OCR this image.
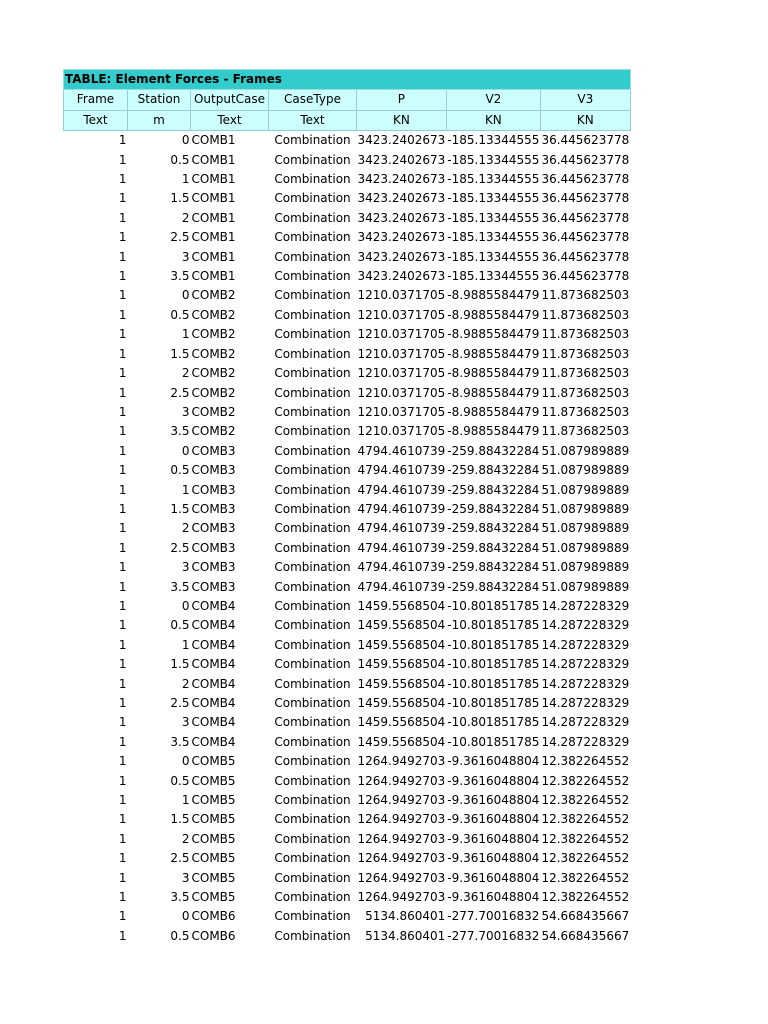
TABLE: Element Forces - Frames						
Frame	Station	OutputCase	CaseType	P	V2	V3
Text	m	Text	Text	KN	KN	KN
1	0	COMB1	Combination	3423.2402673	-185.13344555	36.445623778
1	0.5	COMB1	Combination	3423.2402673	-185.13344555	36.445623778
1	1	COMB1	Combination	3423.2402673	-185.13344555	36.445623778
1	1.5	COMB1	Combination	3423.2402673	-185.13344555	36.445623778
1	2	COMB1	Combination	3423.2402673	-185.13344555	36.445623778
1	2.5	COMB1	Combination	3423.2402673	-185.13344555	36.445623778
1	3	COMB1	Combination	3423.2402673	-185.13344555	36.445623778
1	3.5	COMB1	Combination	3423.2402673	-185.13344555	36.445623778
1	0	COMB2	Combination	1210.0371705	-8.9885584479	11.873682503
1	0.5	COMB2	Combination	1210.0371705	-8.9885584479	11.873682503
1	1	COMB2	Combination	1210.0371705	-8.9885584479	11.873682503
1	1.5	COMB2	Combination	1210.0371705	-8.9885584479	11.873682503
1	2	COMB2	Combination	1210.0371705	-8.9885584479	11.873682503
1	2.5	COMB2	Combination	1210.0371705	-8.9885584479	11.873682503
1	3	COMB2	Combination	1210.0371705	-8.9885584479	11.873682503
1	3.5	COMB2	Combination	1210.0371705	-8.9885584479	11.873682503
1	0	COMB3	Combination	4794.4610739	-259.88432284	51.087989889
1	0.5	COMB3	Combination	4794.4610739	-259.88432284	51.087989889
1	1	COMB3	Combination	4794.4610739	-259.88432284	51.087989889
1	1.5	COMB3	Combination	4794.4610739	-259.88432284	51.087989889
1	2	COMB3	Combination	4794.4610739	-259.88432284	51.087989889
1	2.5	COMB3	Combination	4794.4610739	-259.88432284	51.087989889
1	3	COMB3	Combination	4794.4610739	-259.88432284	51.087989889
1	3.5	COMB3	Combination	4794.4610739	-259.88432284	51.087989889
1	0	COMB4	Combination	1459.5568504	-10.801851785	14.287228329
1	0.5	COMB4	Combination	1459.5568504	-10.801851785	14.287228329
1	1	COMB4	Combination	1459.5568504	-10.801851785	14.287228329
1	1.5	COMB4	Combination	1459.5568504	-10.801851785	14.287228329
1	2	COMB4	Combination	1459.5568504	-10.801851785	14.287228329
1	2.5	COMB4	Combination	1459.5568504	-10.801851785	14.287228329
1	3	COMB4	Combination	1459.5568504	-10.801851785	14.287228329
1	3.5	COMB4	Combination	1459.5568504	-10.801851785	14.287228329
1	0	COMB5	Combination	1264.9492703	-9.3616048804	12.382264552
1	0.5	COMB5	Combination	1264.9492703	-9.3616048804	12.382264552
1	1	COMB5	Combination	1264.9492703	-9.3616048804	12.382264552
1	1.5	COMB5	Combination	1264.9492703	-9.3616048804	12.382264552
1	2	COMB5	Combination	1264.9492703	-9.3616048804	12.382264552
1	2.5	COMB5	Combination	1264.9492703	-9.3616048804	12.382264552
1	3	COMB5	Combination	1264.9492703	-9.3616048804	12.382264552
1	3.5	COMB5	Combination	1264.9492703	-9.3616048804	12.382264552
1	0	COMB6	Combination	5134.860401	-277.70016832	54.668435667
1	0.5	COMB6	Combination	5134.860401	-277.70016832	54.668435667
